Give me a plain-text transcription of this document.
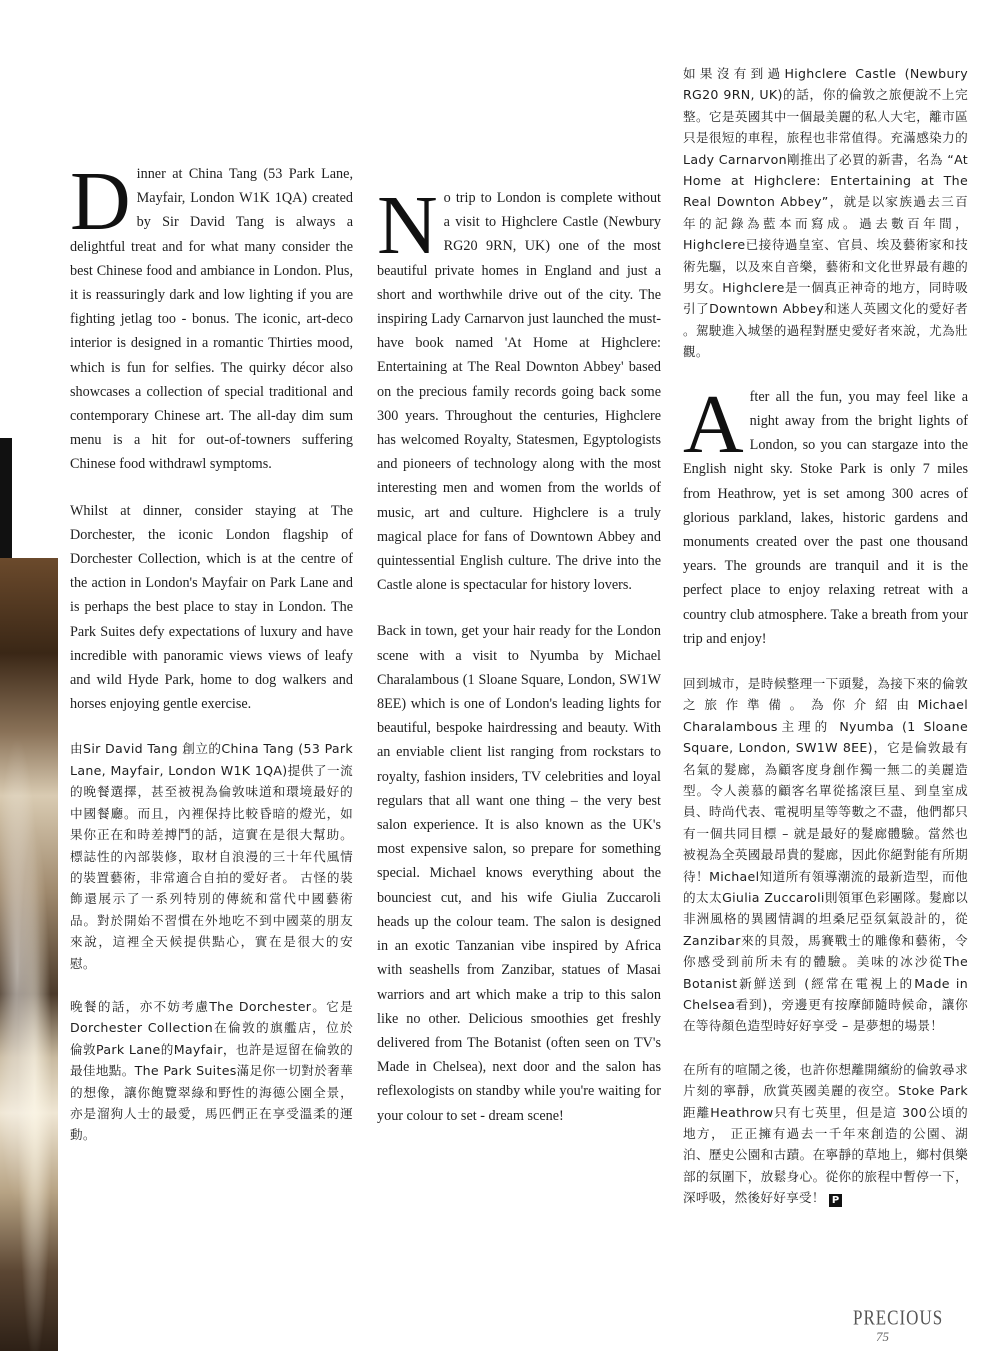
Dinner at China Tang (53 Park Lane, Mayfair, London W1K 1QA) created by Sir David Tang is always a delightful treat and for what many consider the best Chinese food and ambiance in London. Plus, it is reassuringly dark and low lighting if you are fighting jetlag too - bonus. The iconic, art-deco interior is designed in a romantic Thirties mood, which is fun for selfies. The quirky décor also showcases a collection of special traditional and contemporary Chinese art. The all-day dim sum menu is a hit for out-of-towners suffering Chinese food withdrawl symptoms.

Whilst at dinner, consider staying at The Dorchester, the iconic London flagship of Dorchester Collection, which is at the centre of the action in London's Mayfair on Park Lane and is perhaps the best place to stay in London. The Park Suites defy expectations of luxury and have incredible with panoramic views views of leafy and wild Hyde Park, home to dog walkers and horses enjoying gentle exercise.

由Sir David Tang 創立的China Tang (53 Park Lane, Mayfair, London W1K 1QA)提供了一流的晚餐選擇，甚至被視為倫敦味道和環境最好的中國餐廳。而且，內裡保持比較昏暗的燈光，如果你正在和時差搏鬥的話，這實在是很大幫助。標誌性的內部裝修，取材自浪漫的三十年代風情的裝置藝術，非常適合自拍的愛好者。 古怪的裝飾還展示了一系列特別的傳統和當代中國藝術品。對於開始不習慣在外地吃不到中國菜的朋友來說，這裡全天候提供點心，實在是很大的安慰。

晚餐的話，亦不妨考慮The Dorchester。它是Dorchester Collection在倫敦的旗艦店，位於倫敦Park Lane的Mayfair，也許是逗留在倫敦的最佳地點。The Park Suites滿足你一切對於奢華的想像，讓你飽覽翠綠和野性的海德公園全景，亦是溜狗人士的最愛，馬匹們正在享受溫柔的運動。

No trip to London is complete without a visit to Highclere Castle (Newbury RG20 9RN, UK) one of the most beautiful private homes in England and just a short and worthwhile drive out of the city. The inspiring Lady Carnarvon just launched the must-have book named 'At Home at Highclere: Entertaining at The Real Downton Abbey' based on the precious family records going back some 300 years. Throughout the centuries, Highclere has welcomed Royalty, Statesmen, Egyptologists and pioneers of technology along with the most interesting men and women from the worlds of music, art and culture. Highclere is a truly magical place for fans of Downtown Abbey and quintessential English culture. The drive into the Castle alone is spectacular for history lovers.

Back in town, get your hair ready for the London scene with a visit to Nyumba by Michael Charalambous (1 Sloane Square, London, SW1W 8EE) which is one of London's leading lights for beautiful, bespoke hairdressing and beauty. With an enviable client list ranging from rockstars to royalty, fashion insiders, TV celebrities and loyal regulars that all want one thing – the very best salon experience. It is also known as the UK's most expensive salon, so prepare for something special. Michael knows everything about the bounciest cut, and his wife Giulia Zuccaroli heads up the colour team. The salon is designed in an exotic Tanzanian vibe inspired by Africa with seashells from Zanzibar, statues of Masai warriors and art which make a trip to this salon like no other. Delicious smoothies get freshly delivered from The Botanist (often seen on TV's Made in Chelsea), next door and the salon has reflexologists on standby while you're waiting for your colour to set - dream scene!

如果沒有到過Highclere Castle (Newbury RG20 9RN, UK)的話，你的倫敦之旅便說不上完整。它是英國其中一個最美麗的私人大宅，離市區只是很短的車程，旅程也非常值得。充滿感染力的Lady Carnarvon剛推出了必買的新書，名為 “At Home at Highclere: Entertaining at The Real Downton Abbey”，就是以家族過去三百年的記錄為藍本而寫成。過去數百年間，Highclere已接待過皇室、官員、埃及藝術家和技術先驅，以及來自音樂，藝術和文化世界最有趣的男女。Highclere是一個真正神奇的地方，同時吸引了Downtown Abbey和迷人英國文化的愛好者 。駕駛進入城堡的過程對歷史愛好者來說，尤為壯觀。

After all the fun, you may feel like a night away from the bright lights of London, so you can stargaze into the English night sky. Stoke Park is only 7 miles from Heathrow, yet is set among 300 acres of glorious parkland, lakes, historic gardens and monuments created over the past one thousand years. The grounds are tranquil and it is the perfect place to enjoy relaxing retreat with a country club atmosphere. Take a breath from your trip and enjoy!

回到城市，是時候整理一下頭髮，為接下來的倫敦之旅作準備。為你介紹由Michael Charalambous主理的 Nyumba (1 Sloane Square, London, SW1W 8EE)，它是倫敦最有名氣的髮廊，為顧客度身創作獨一無二的美麗造型。令人羨慕的顧客名單從搖滾巨星、到皇室成員、時尚代表、電視明星等等數之不盡，他們都只有一個共同目標 – 就是最好的髮廊體驗。當然也被視為全英國最昂貴的髮廊，因此你絕對能有所期待！Michael知道所有領導潮流的最新造型，而他的太太Giulia Zuccaroli則領軍色彩團隊。髮廊以非洲風格的異國情調的坦桑尼亞氛氣設計的，從Zanzibar來的貝殼，馬賽戰士的雕像和藝術，令你感受到前所未有的體驗。美味的冰沙從The Botanist新鮮送到 (經常在電視上的Made in Chelsea看到)，旁邊更有按摩師隨時候命，讓你在等待顏色造型時好好享受 – 是夢想的場景！

在所有的喧鬧之後，也許你想離開繽紛的倫敦尋求片刻的寧靜，欣賞英國美麗的夜空。Stoke Park距離Heathrow只有七英里，但是這 300公頃的地方， 正正擁有過去一千年來創造的公園、湖泊、歷史公園和古蹟。在寧靜的草地上，鄉村俱樂部的氛圍下，放鬆身心。從你的旅程中暫停一下，深呼吸，然後好好享受！ P

PRECIOUS
75
